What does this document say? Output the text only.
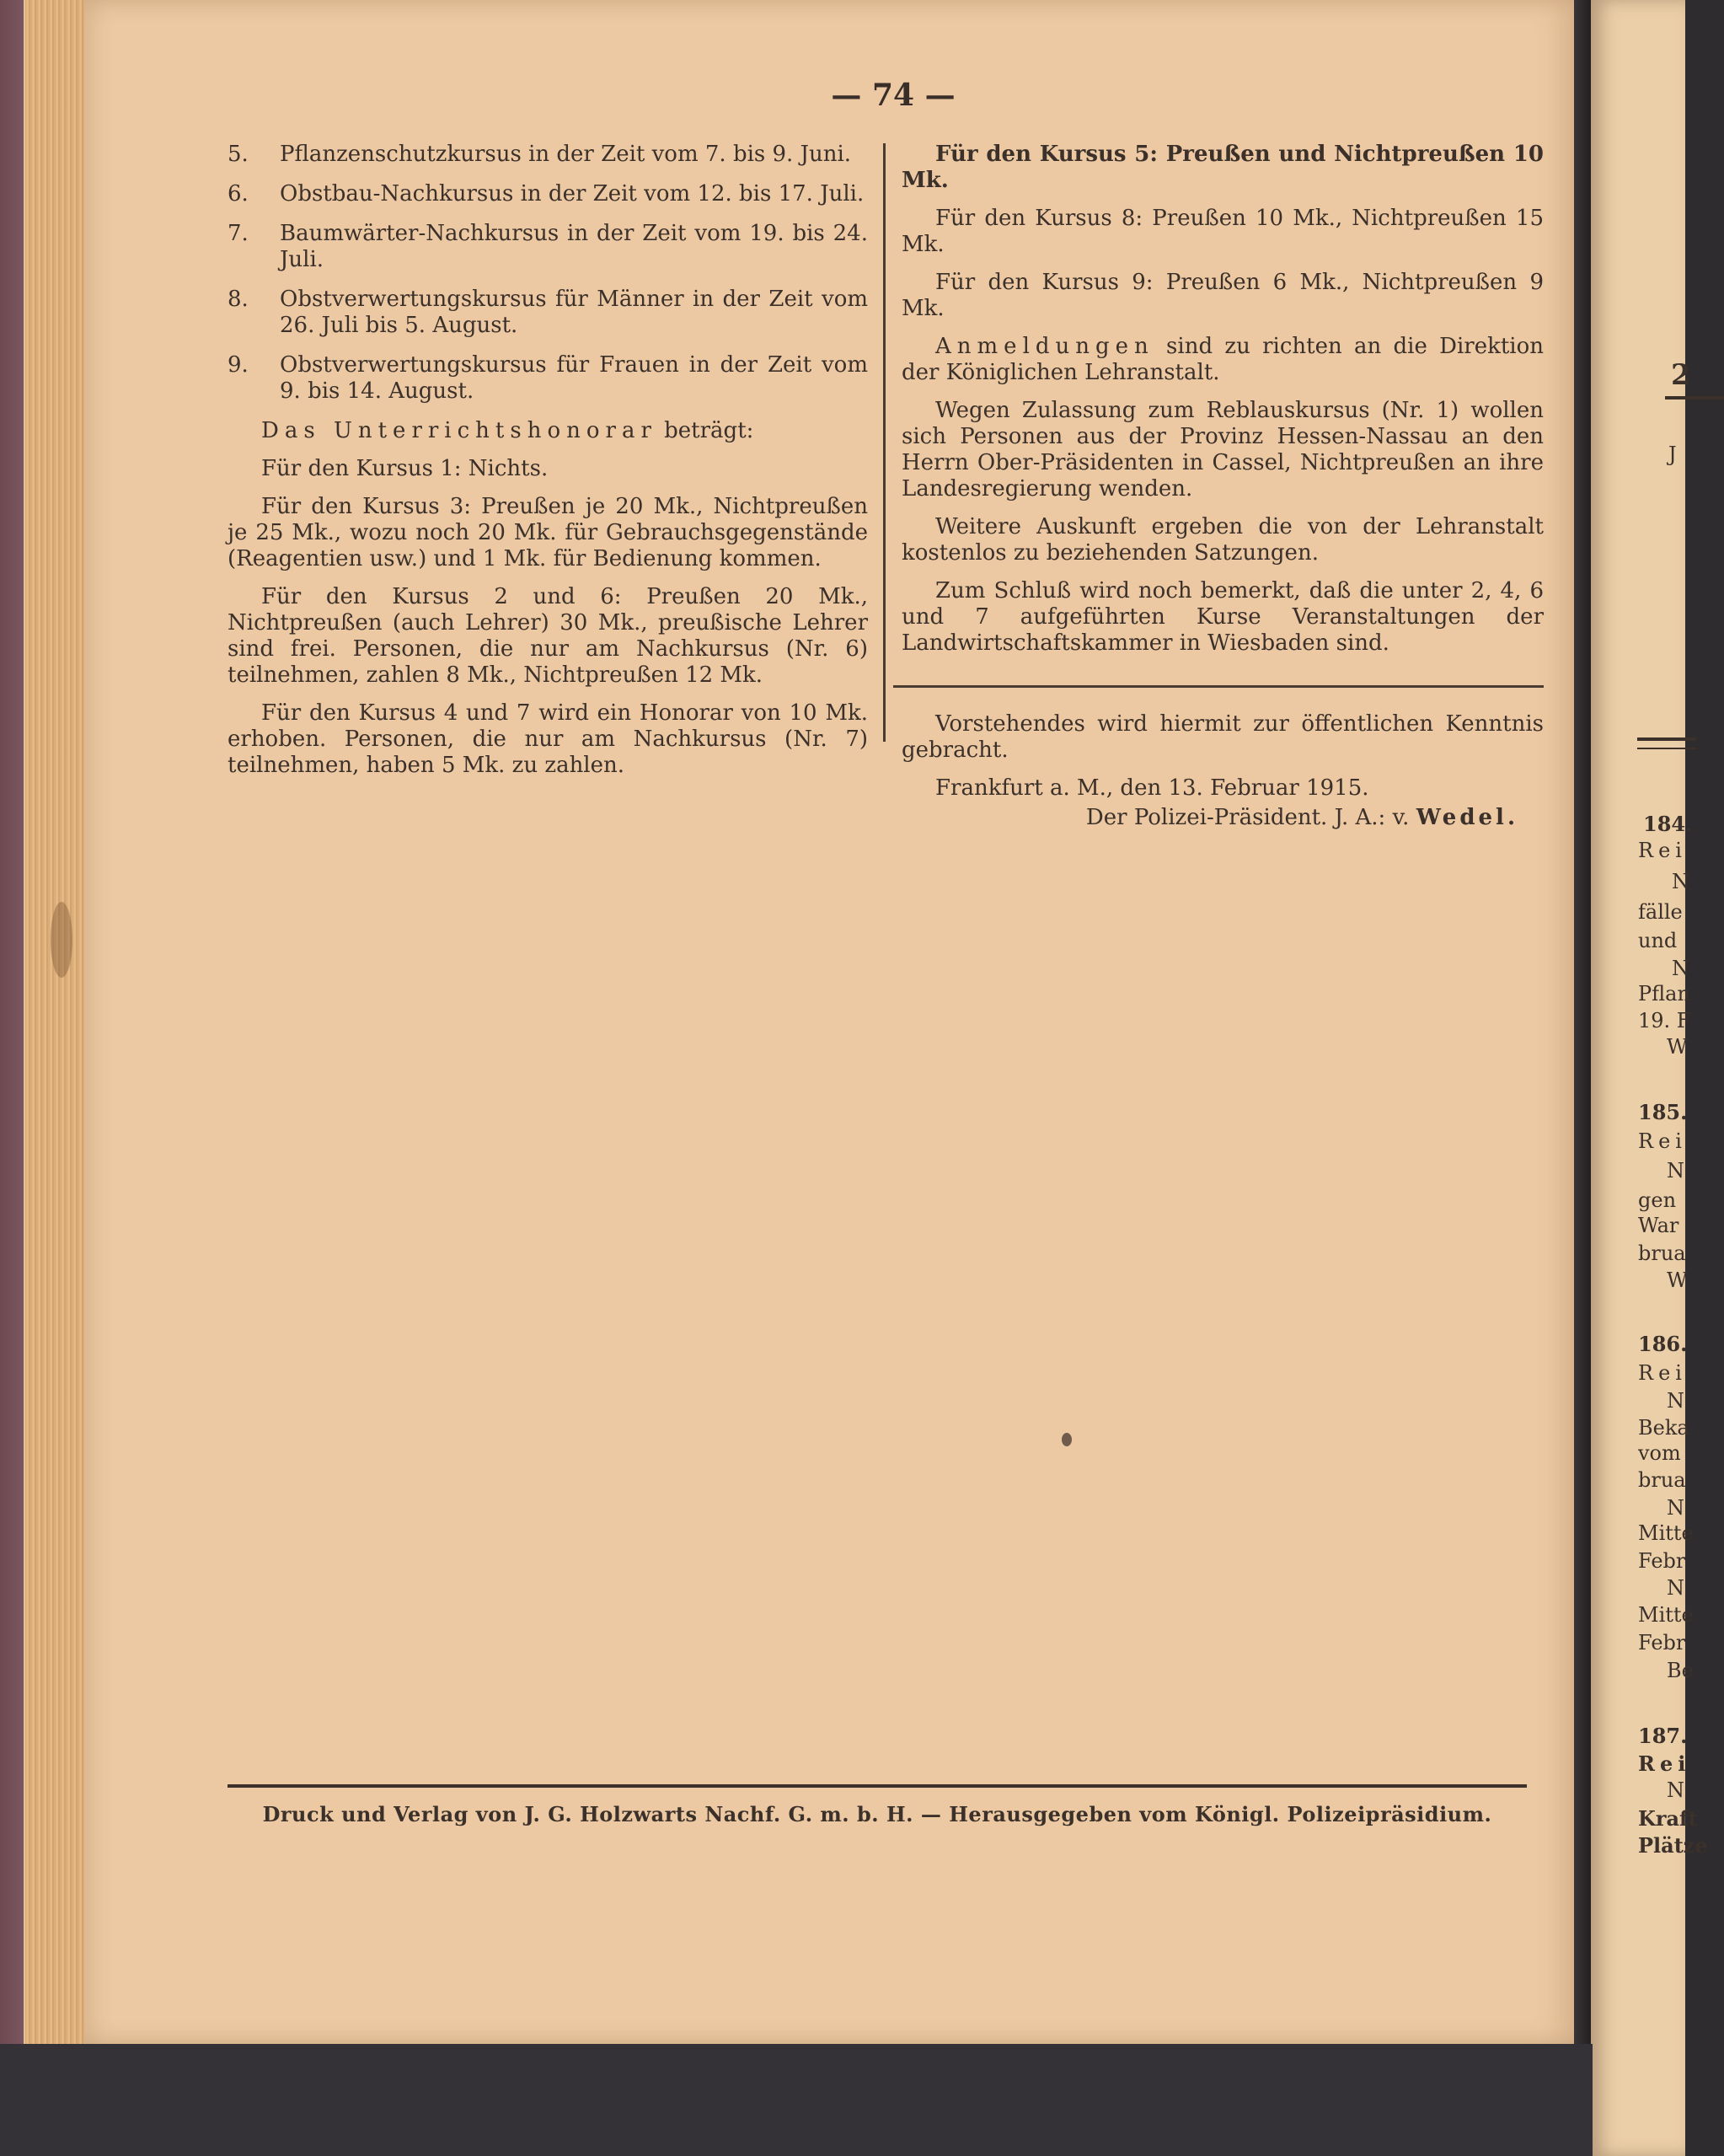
— 74 —
5. Pflanzenschutzkursus in der Zeit vom 7. bis 9. Juni.
6. Obstbau-Nachkursus in der Zeit vom 12. bis 17. Juli.
7. Baumwärter-Nachkursus in der Zeit vom 19. bis 24. Juli.
8. Obstverwertungskursus für Männer in der Zeit vom 26. Juli bis 5. August.
9. Obstverwertungskursus für Frauen in der Zeit vom 9. bis 14. August.
Das Unterrichtshonorar beträgt:
Für den Kursus 1: Nichts.
Für den Kursus 3: Preußen je 20 Mk., Nichtpreußen je 25 Mk., wozu noch 20 Mk. für Gebrauchsgegenstände (Reagentien usw.) und 1 Mk. für Bedienung kommen.
Für den Kursus 2 und 6: Preußen 20 Mk., Nichtpreußen (auch Lehrer) 30 Mk., preußische Lehrer sind frei. Personen, die nur am Nachkursus (Nr. 6) teilnehmen, zahlen 8 Mk., Nichtpreußen 12 Mk.
Für den Kursus 4 und 7 wird ein Honorar von 10 Mk. erhoben. Personen, die nur am Nachkursus (Nr. 7) teilnehmen, haben 5 Mk. zu zahlen.
Für den Kursus 5: Preußen und Nichtpreußen 10 Mk.
Für den Kursus 8: Preußen 10 Mk., Nichtpreußen 15 Mk.
Für den Kursus 9: Preußen 6 Mk., Nichtpreußen 9 Mk.
Anmeldungen sind zu richten an die Direktion der Königlichen Lehranstalt.
Wegen Zulassung zum Reblauskursus (Nr. 1) wollen sich Personen aus der Provinz Hessen-Nassau an den Herrn Ober-Präsidenten in Cassel, Nichtpreußen an ihre Landesregierung wenden.
Weitere Auskunft ergeben die von der Lehranstalt kostenlos zu beziehenden Satzungen.
Zum Schluß wird noch bemerkt, daß die unter 2, 4, 6 und 7 aufgeführten Kurse Veranstaltungen der Landwirtschaftskammer in Wiesbaden sind.
Vorstehendes wird hiermit zur öffentlichen Kenntnis gebracht.
Frankfurt a. M., den 13. Februar 1915.
Der Polizei-Präsident. J. A.: v. Wedel.
Druck und Verlag von J. G. Holzwarts Nachf. G. m. b. H. — Herausgegeben vom Königl. Polizeipräsidium.
2
J
184.
Rei
N
fälle
und
N
Pflan
19. F
W
185.
Rei
N
gen
War
brua
W
186.
Rei
N
Beka
vom
brua
N
Mitte
Febr
N
Mitte
Febr
Be
187.
Rei
N
Kraft
Plätze
